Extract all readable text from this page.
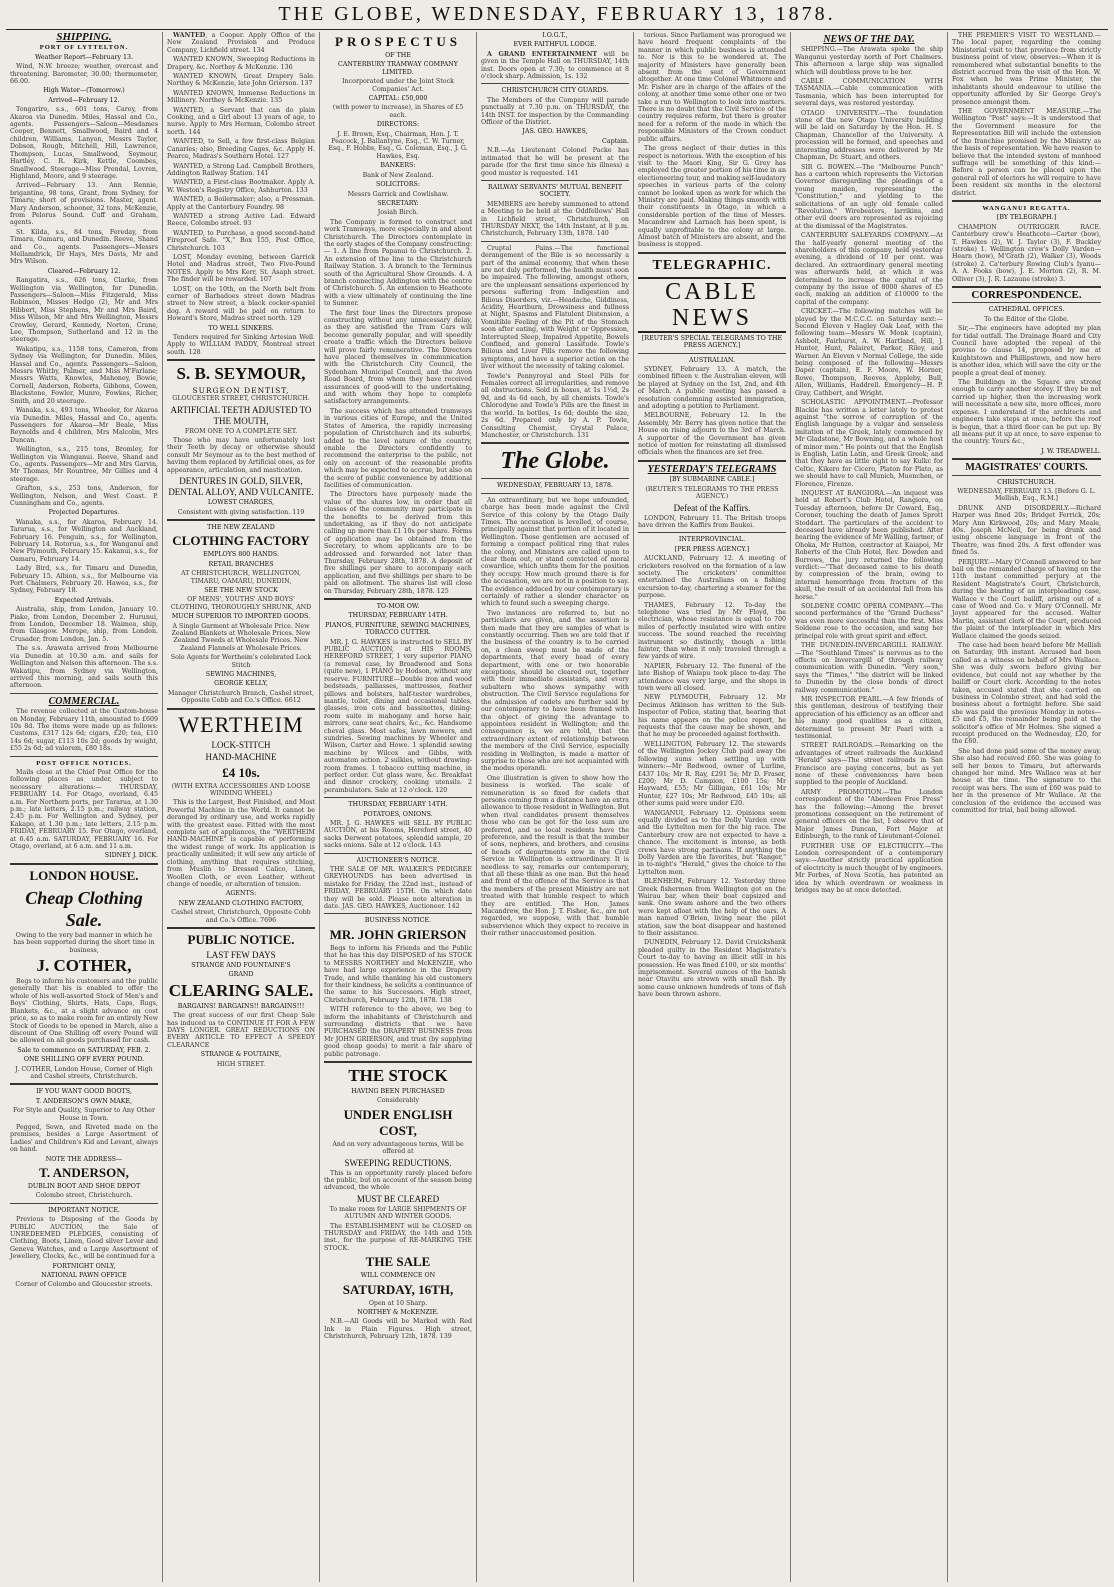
THE GLOBE, WEDNESDAY, FEBRUARY 13, 1878.
SHIPPING.
PORT OF LYTTELTON.

Weather Report—February 13.

Wind, N.W. breeze; weather, overcast and threatening. Barometer, 30.00; thermometer, 66.00.

High Water—(Tomorrow.)

Arrived—February 12.

Tongariro, s.s., 601 tons, Carey, from Akaroa via Dunedin. Miles, Hassal and Co., agents. Passengers—Saloon—Mesdames Cooper, Bennett, Smallwood, Baird and 4 children, Williams, Lanyon, Messrs Taylor, Dobson, Rough, Mitchell, Hill, Lawrence, Thompson, Lucas, Smallwood, Seymour, Hartley, C. R. Kirk, Kettle, Coombes, Smallwood. Steerage—Miss Prendal, Lovren, Highland, Moore, and 9 steerage.

Arrived—February 13. Ann Rennie, brigantine, 98 tons, Grant, from Sydney, for Timaru; short of provisions. Master, agent. Mary Anderson, schooner, 32 tons, McKenzie, from Pelorus Sound. Cuff and Graham, agents.

St. Kilda, s.s., 84 tons, Fereday, from Timaru, Oamaru, and Dunedin. Reeve, Shand and Co., agents. Passengers—Messrs Mellamdrick, Dr Hays, Mrs Davis, Mr and Mrs Wilson.

Cleared—February 12.

Rangatira, s.s., 626 tons, Clarke, from Wellington via Wellington, for Dunedin. Passengers—Saloon—Miss Fitzgerald, Miss Robinson, Misses Hedge (2), Mr and Mrs Hibbert, Miss Stephens, Mr and Mrs Baird, Miss Wilson, Mr and Mrs Wellington, Messrs Crowley, Gerard, Kennedy, Norton, Crane, Lee, Thompson, Sutherland and 12 in the steerage.

Wakatipu, s.s., 1158 tons, Cameron, from Sydney via Wellington, for Dunedin. Miles, Hassal and Co., agents. Passengers—Saloon, Messrs Whitby, Palmer, and Miss M'Farlane; Messrs Watts, Knowles, Mahoney, Bowie, Cornell, Anderson, Roberts, Gibbons, Cowen, Blackstone, Fowler, Munro, Fowkes, Richer, Smith, and 20 steerage.

Wanaka, s.s., 493 tons, Wheeler, for Akaroa via Dunedin. Miles, Hassal and Co., agents. Passengers for Akaroa—Mr Beale, Miss Reynolds and 4 children, Mrs Malcolm, Mrs Duncan.

Wellington, s.s., 215 tons, Bromley, for Wellington via Wanganui. Reeve, Shand and Co., agents. Passengers—Mr and Mrs Garvin, Mr Thomas, Mr Rountree, Mr Gillies and 4 steerage.

Grafton, s.s., 253 tons, Anderson, for Wellington, Nelson, and West Coast. P. Cunningham and Co., agents.

Projected Departures.

Wanaka, s.s., for Akaroa, February 14. Tararua, s.s., for Wellington and Auckland, February 16. Penguin, s.s., for Wellington, February 14. Rotorua, s.s., for Wanganui and New Plymouth, February 15. Kakanui, s.s., for Oamaru, February 14.

Lady Bird, s.s., for Timaru and Dunedin, February 15. Albion, s.s., for Melbourne via Port Chalmers, February 20. Hawea, s.s., for Sydney, February 18.

Expected Arrivals.

Australia, ship, from London, January 10. Piako, from London, December 2. Hurunui, from London, December 18. Waimea, ship, from Glasgow. Merope, ship, from London. Crusader, from London, Jan. 5.

The s.s. Arawata arrived from Melbourne via Dunedin at 10.30 a.m. and sails for Wellington and Nelson this afternoon. The s.s. Wakatipu, from Sydney via Wellington, arrived this morning, and sails south this afternoon.

COMMERCIAL.

The revenue collected at the Custom-house on Monday, February 11th, amounted to £609 10s 8d. The items were made up as follows: Customs, £317 12s 6d; cigars, £20; tea, £10 14s 6d; sugar, £113 10s 2d; goods by weight, £55 2s 6d; ad valorem, £80 18s.

POST OFFICE NOTICES.

Mails close at the Chief Post Office for the following places as under, subject to necessary alterations:— THURSDAY, FEBRUARY 14. For Otago, overland, 6.45 a.m. For Northern ports, per Tararua, at 1.30 p.m.; late letters, 2.15 p.m.; railway station, 2.45 p.m. For Wellington and Sydney, per Kakapo, at 1.30 p.m.; late letters, 2.15 p.m. FRIDAY, FEBRUARY 15. For Otago, overland, at 6.45 a.m. SATURDAY, FEBRUARY 16. For Otago, overland, at 6 a.m. and 11 a.m.

SIDNEY J. DICK.

LONDON HOUSE.
Cheap Clothing Sale.

Owing to the very bad manner in which he has been supported during the short time in business,

J. COTHER,

Begs to inform his customers and the public generally that his is enabled to offer the whole of his well-assorted Stock of Men's and Boys' Clothing, Shirts, Hats, Caps, Rugs, Blankets, &c., at a slight advance on cost price, so as to make room for an entirely New Stock of Goods to be opened in March, also a discount of One Shilling off every Pound will be allowed on all goods purchased for cash.

Sale to commence on SATURDAY, FEB. 2.

ONE SHILLING OFF EVERY POUND.

J. COTHER, London House, Corner of High and Cashel streets, Christchurch.

IF YOU WANT GOOD BOOTS,

T. ANDERSON'S OWN MAKE,

For Style and Quality, Superior to Any Other House in Town.

Pegged, Sewn, and Riveted made on the premises, besides a Large Assortment of Ladies' and Children's Kid and Levant, always on hand.

NOTE THE ADDRESS—

T. ANDERSON,

DUBLIN BOOT AND SHOE DEPOT

Colombo street, Christchurch.

IMPORTANT NOTICE.

Previous to Disposing of the Goods by PUBLIC AUCTION, the Sale of UNREDEEMED PLEDGES, consisting of Clothing, Boots, Linen, Good silver Lever and Geneva Watches, and a Large Assortment of Jewellery, Clocks, &c., will be continued for a

FORTNIGHT ONLY,

NATIONAL PAWN OFFICE

Corner of Colombo and Gloucester streets.

WANTED, a Cooper. Apply Office of the New Zealand Provision and Produce Company, Lichfield street. 134

WANTED KNOWN, Sweeping Reductions in Drapery, &c. Northey & McKenzie. 136

WANTED KNOWN, Great Drapery Sale. Northey & McKenzie, late John Grierson. 137

WANTED KNOWN, Immense Reductions in Millinery. Northey & McKenzie. 135

WANTED, a Servant that can do plain Cooking, and a Girl about 13 years of age, to nurse. Apply to Mrs Herman, Colombo street north. 144

WANTED, to Sell, a few first-class Belgian Canaries; also, Breeding Cages, &c. Apply H. Pearce, Madras's Southern Hotel. 127

WANTED, a Strong Lad. Campbell Brothers, Addington Railway Station. 141

WANTED, a First-class Bootmaker. Apply A. W. Weston's Registry Office, Ashburton. 133

WANTED, a Boilermaker; also, a Pressman. Apply at the Canterbury Foundry. 98

WANTED a strong Active Lad. Edward Reece, Colombo street. 93

WANTED, to Purchase, a good second-hand Fireproof Safe. "X," Box 155, Post Office, Christchurch. 103

LOST, Monday evening, between Garrick Hotel and Madras street, Two Five-Pound NOTES. Apply to Mrs Kerr, St. Asaph street. The finder will be rewarded. 107

LOST, on the 10th, on the North belt from corner of Barbadoes street down Madras street to New street, a black cocker-spaniel dog. A reward will be paid on return to Howard's Store, Madras street north. 129

TO WELL SINKERS.

Tenders required for Sinking Artesian Well. Apply to WILLIAM PADDY, Montreal street south. 128

S. B. SEYMOUR,
SURGEON DENTIST,

GLOUCESTER STREET, CHRISTCHURCH.

ARTIFICIAL TEETH ADJUSTED TO THE MOUTH,

FROM ONE TO A COMPLETE SET.

Those who may have unfortunately lost their Teeth by decay or otherwise should consult Mr Seymour as to the best method of having them replaced by Artificial ones, as for appearance, articulation, and mastication.

DENTURES IN GOLD, SILVER, DENTAL ALLOY, AND VULCANITE.

LOWEST CHARGES,

Consistent with giving satisfaction. 119

THE NEW ZEALAND

CLOTHING FACTORY

EMPLOYS 800 HANDS.

RETAIL BRANCHES

AT CHRISTCHURCH, WELLINGTON, TIMARU, OAMARU, DUNEDIN,

SEE THE NEW STOCK

OF MENS', YOUTHS' AND BOYS' CLOTHING, THOROUGHLY SHRUNK, AND

MUCH SUPERIOR TO IMPORTED GOODS.

A Single Garment at Wholesale Price. New Zealand Blankets at Wholesale Prices. New Zealand Tweeds at Wholesale Prices. New Zealand Flannels at Wholesale Prices.

Sole Agents for Wertheim's celebrated Lock Stitch

SEWING MACHINES,

GEORGE KELLY,

Manager Christchurch Branch, Cashel street, Opposite Cobb and Co.'s Office. 6612

WERTHEIM
LOCK-STITCH
HAND-MACHINE
£4 10s.

(WITH EXTRA ACCESSORIES AND LOOSE WINDING WHEEL)

This is the Largest, Best Finished, and Most Powerful Machine in the World. It cannot be deranged by ordinary use, and works rapidly with the greatest ease. Fitted with the most complete set of appliances, the "WERTHEIM HAND-MACHINE" is capable of performing the widest range of work. Its application is practically unlimited; it will sew any article of clothing, anything that requires stitching, from Muslin to Dressed Calico, Linen, Woollen Cloth, or even Leather, without change of needle, or alteration of tension.

AGENTS:

NEW ZEALAND CLOTHING FACTORY,

Cashel street, Christchurch, Opposite Cobb and Co.'s Office. 7696

PUBLIC NOTICE.
LAST FEW DAYS

STRANGE AND FOUNTAINE'S

GRAND

CLEARING SALE.

BARGAINS! BARGAINS!! BARGAINS!!!

The great success of our first Cheap Sale has induced us to CONTINUE IT FOR A FEW DAYS LONGER. GREAT REDUCTIONS ON EVERY ARTICLE TO EFFECT A SPEEDY CLEARANCE

STRANGE & FOUTAINE,

HIGH STREET.

PROSPECTUS

OF THE

CANTERBURY TRAMWAY COMPANY LIMITED.

Incorporated under the Joint Stock Companies' Act.

CAPITAL: £50,000

(with power to increase), in Shares of £5 each.

DIRECTORS:

J. E. Brown, Esq., Chairman, Hon. J. T. Peacock, J. Ballantyne, Esq., C. W. Turner, Esq., F. Hobbs, Esq., G. Coleman, Esq., J. G. Hawkes, Esq.

BANKERS:

Bank of New Zealand.

SOLICITORS:

Messrs Garrick and Cowlishaw.

SECRETARY:

Josiah Birch.

The Company is formed to construct and work Tramways, more especially in and about Christchurch. The Directors contemplate in the early stages of the Company constructing:— 1. A line from Papanui to Christchurch. 2. An extension of the line to the Christchurch Railway Station. 3. A branch to the Terminus south of the Agricultural Show Grounds. 4. A branch connecting Addington with the centre of Christchurch. 5. An extension to Heathcote with a view ultimately of continuing the line to Sumner.

The first four lines the Directors propose constructing without any unnecessary delay, as they are satisfied the Tram Cars will become generally popular, and will speedily create a traffic which the Directors believe will prove fairly remunerative. The Directors have placed themselves in communication with the Christchurch City Council, the Sydenham Municipal Council, and the Avon Road Board, from whom they have received assurances of good-will to the undertaking, and with whom they hope to complete satisfactory arrangements.

The success which has attended tramways in various cities of Europe, and the United States of America, the rapidly increasing population of Christchurch and its suburbs, added to the level nature of the country, enable the Directors confidently to recommend the enterprise to the public, not only on account of the reasonable profits which may be expected to accrue, but also on the score of public convenience by additional facilities of communication.

The Directors have purposely made the value of the shares low, in order that all classes of the community may participate in the benefits to be derived from this undertaking, as if they do not anticipate calling up more than £1 10s per share. Forms of application may be obtained from the Secretary, to whom applicants are to be addressed and forwarded not later than Thursday, February 28th, 1878. A deposit of five shillings per share to accompany each application, and five shillings per share to be paid on allotment. The shares list will close on Thursday, February 28th, 1878. 125

TO-MOR OW.

THURSDAY, FEBRUARY 14TH.

PIANOS, FURNITURE, SEWING MACHINES, TOBACCO CUTTER.

MR. J. G. HAWKES is instructed to SELL BY PUBLIC AUCTION, at HIS ROOMS, HEREFORD STREET, 1 very superior PIANO (a removal case, by Broadwood and Sons (quite new), 1 PIANO by Hodson, without any reserve. FURNITURE—Double iron and wood bedsteads, palliasses, mattresses, feather pillows and bolsters, half-tester wardrobes, mantle, toilet, dining and occasional tables, glasses, iron cots and bassinettes, dining-room suite in mahogany and horse hair, mirrors, cane seat chairs, &c., &c. Handsome cheval glass. Most safes, lawn mowers, and sundries. Sewing machines by Wheeler and Wilson, Carter and Howe. 1 splendid sewing machine by Wilcox and Gibbs, with automaton action. 2 sulkies, without drawing-room frames. 1 tobacco cutting machine, in perfect order. Cut glass ware, &c. Breakfast and dinner crockery, cooking utensils. 2 perambulators. Sale at 12 o'clock. 120

THURSDAY, FEBRUARY 14TH.

POTATOES, ONIONS.

MR. J. G. HAWKES will SELL BY PUBLIC AUCTION, at his Rooms, Hereford street, 40 sacks Derwent potatoes, splendid sample, 20 sacks onions. Sale at 12 o'clock. 143

AUCTIONEER'S NOTICE.

THE SALE OF MR. WALKER'S PEDIGREE GREYHOUNDS has been advertised in mistake for Friday, the 22nd inst., instead of FRIDAY, FEBRUARY 15TH. On which date they will be sold. Please note alteration in date. JAS. GEO. HAWKES, Auctioneer. 142

BUSINESS NOTICE.

MR. JOHN GRIERSON

Begs to inform his Friends and the Public that he has this day DISPOSED of his STOCK to MESSRS NORTHEY and McKENZIE, who have had large experience in the Drapery Trade, and while thanking his old customers for their kindness, he solicits a continuance of the same to his Successors. High street, Christchurch, February 12th, 1878. 138

WITH reference to the above, we beg to inform the inhabitants of Christchurch and surrounding districts that we have PURCHASED the DRAPERY BUSINESS from Mr JOHN GRIERSON, and trust (by supplying good cheap goods) to merit a fair share of public patronage.

THE STOCK

HAVING BEEN PURCHASED

Considerably

UNDER ENGLISH COST,

And on very advantageous terms, Will be offered at

SWEEPING REDUCTIONS.

This is an opportunity rarely placed before the public, but on account of the season being advanced, the whole

MUST BE CLEARED

To make room for LARGE SHIPMENTS OF AUTUMN AND WINTER GOODS.

The ESTABLISHMENT will be CLOSED on THURSDAY and FRIDAY, the 14th and 15th inst., for the purpose of RE-MARKING THE STOCK.

THE SALE

WILL COMMENCE ON

SATURDAY, 16TH,

Open at 10 Sharp.

NORTHEY & McKENZIE.

N.B.—All Goods will be Marked with Red Ink in Plain Figures. High street, Christchurch, February 12th, 1878. 139

I.O.G.T.,

EVER FAITHFUL LODGE.

A GRAND ENTERTAINMENT will be given in the Temple Hall on THURSDAY, 14th inst. Doors open at 7.30; to commence at 8 o'clock sharp. Admission, 1s. 132

CHRISTCHURCH CITY GUARDS.

The Members of the Company will parade punctually at 7.30 p.m. on THURSDAY, the 14th INST. for inspection by the Commanding Officer of the District.

JAS. GEO. HAWKES,

Captain.

N.B.—As Lieutenant Colonel Packe has intimated that he will be present at the parade (for the first time since his illness) a good muster is requested. 141

RAILWAY SERVANTS' MUTUAL BENEFIT SOCIETY.

MEMBERS are hereby summoned to attend a Meeting to be held at the Oddfellows' Hall in Lichfield street, Christchurch, on THURSDAY NEXT, the 14th Instant, at 8 p.m. Christchurch, February 13th, 1878. 140

Cruptal Pains.—The functional derangement of the Bile is so necessarily a part of the animal economy, that when these are not duly performed, the health must soon be impaired. The following, amongst others, are the unpleasant sensations experienced by persons suffering from Indigestion and Bilious Disorders, viz.—Headache, Giddiness, Acidity, Heartburn, Drowsiness and fullness at Night, Spasms and Flatulent Distension, a Vomitible Feeling of the Pit of the Stomach soon after eating, with Weight or Oppression, Interrupted Sleep, Impaired Appetite, Bowels Confined, and general Lassitude. Towle's Bilious and Liver Pills remove the following symptoms, and have a superior action on the liver without the necessity of taking calomel.

Towle's Pennyroyal and Steel Pills for Females correct all irregularities, and remove all obstructions. Sold in boxes, at 1s 1½d, 2s 9d, and 4s 6d each, by all chemists. Towle's Chlorodyne and Towle's Pills are the finest in the world. In bottles, 1s 6d; double the size, 2s 6d. Prepared only by A. P. Towle, Consulting Chemist, Crystal Palace, Manchester, or Christchurch. 131

The Globe.

WEDNESDAY, FEBRUARY 13, 1878.

An extraordinary, but we hope unfounded, charge has been made against the Civil Service of this colony by the Otago Daily Times. The accusation is levelled, of course, principally against that portion of it located in Wellington. Those gentlemen are accused of forming a compact political ring that rules the colony, and Ministers are called upon to clear them out, or stand convicted of moral cowardice, which unfits them for the position they occupy. How much ground there is for the accusation, we are not in a position to say. The evidence adduced by our contemporary is certainly of rather a slender character on which to found such a sweeping charge.

Two instances are referred to, but no particulars are given, and the assertion is then made that they are samples of what is constantly occurring. Then we are told that if the business of the country is to be carried on, a clean sweep must be made of the departments, that every head of every department, with one or two honorable exceptions, should be cleared out, together with their immediate assistants, and every subaltern who shows sympathy with obstruction. The Civil Service regulations for the admission of cadets are further said by our contemporary to have been framed with the object of giving the advantage to appointees resident in Wellington; and the consequence is, we are told, that the extraordinary extent of relationship between the members of the Civil Service, especially residing in Wellington, is made a matter of surprise to those who are not acquainted with the modus operandi.

One illustration is given to show how the business is worked. The scale of remuneration is so fixed for cadets that persons coming from a distance have an extra allowance to those resident in Wellington. But when rival candidates present themselves those who can be got for the less sum are preferred, and so local residents have the preference, and the result is that the number of sons, nephews, and brothers, and cousins of heads of departments now in the Civil Service in Wellington is extraordinary. It is needless to say, remarks our contemporary, that all these think as one man. But the head and front of the offence of the Service is that the members of the present Ministry are not treated with that humble respect to which they are entitled. The Hon. James Macandrew, the Hon. J. T. Fisher, &c., are not regarded, we suppose, with that humble subservience which they expect to receive in their rather unaccustomed position.

torious. Since Parliament was prorogued we have heard frequent complaints of the manner in which public business is attended to. Nor is this to be wondered at. The majority of Ministers have generally been absent from the seat of Government altogether. At one time Colonel Whitmore and Mr. Fisher are in charge of the affairs of the colony, at another time some other one or two take a run to Wellington to look into matters. There is no doubt that the Civil Service of the country requires reform, but there is greater need for a reform of the mode in which the responsible Ministers of the Crown conduct public affairs.

The gross neglect of their duties in this respect is notorious. With the exception of his visit to the Maori King, Sir G. Grey has employed the greater portion of his time in an electioneering tour, and making self-laudatory speeches in various parts of the colony cannot be looked upon as work for which the Ministry are paid. Making things smooth with their constituents in Otago, in which a considerable portion of the time of Messrs. Macandrew and Larnach has been spent, is equally unprofitable to the colony at large. Almost batch of Ministers are absent, and the business is stopped.

TELEGRAPHIC.
CABLE NEWS

[REUTER'S SPECIAL TELEGRAMS TO THE PRESS AGENCY.]

AUSTRALIAN.

SYDNEY, February 13. A match, the combined fifteen v. the Australian eleven, will be played at Sydney on the 1st, 2nd, and 4th of March. A public meeting has passed a resolution condemning assisted immigration, and adopting a petition to Parliament.

MELBOURNE, February 12. In the Assembly, Mr. Berry has given notice that the House on rising adjourn to the 3rd of March. A supporter of the Government has given notice of motion for reinstating all dismissed officials when the finances are set free.

YESTERDAY'S TELEGRAMS

[BY SUBMARINE CABLE.]

(REUTER'S TELEGRAMS TO THE PRESS AGENCY.)

Defeat of the Kaffirs.

LONDON, February 11. The British troops have driven the Kaffirs from Baukei.

INTERPROVINCIAL.

[PER PRESS AGENCY.]

AUCKLAND, February 12. A meeting of cricketers resolved on the formation of a law society. The cricketers' committee entertained the Australians on a fishing excursion to-day, chartering a steamer for the purpose.

THAMES, February 12. To-day the telephone was tried by Mr Floyd, the electrician, whose resistance is equal to 700 miles of perfectly insulated wire with entire success. The sound reached the receiving instrument so distinctly, though a little fainter, than when it only traveled through a few yards of wire.

NAPIER, February 12. The funeral of the late Bishop of Waiapu took place to-day. The attendance was very large, and the shops in town were all closed.

NEW PLYMOUTH, February 12. Mr Decimus Atkinson has written to the Sub-Inspector of Police, stating that, hearing that his name appears on the police report, he requests that the cause may be shown, and that he may be proceeded against forthwith.

WELLINGTON, February 12. The stewards of the Wellington Jockey Club paid away the following sums when settling up with winners:—Mr Redwood, owner of Lurline, £437 10s; Mr R. Ray, £291 5s; Mr D. Fraser, £200; Mr D. Campion, £100 15s; Mr Hayward, £55; Mr Gilligan, £61 10s; Mr Hunter, £27 10s; Mr Redwood, £45 10s; all other sums paid were under £20.

WANGANUI, February 12. Opinions seem equally divided as to the Dolly Varden crew and the Lyttelton men for the big race. The Canterbury crew are not expected to have a chance. The excitement is intense, as both crews have strong partisans. If anything the Dolly Varden are the favorites, but "Ranger," in to-night's "Herald," gives the choice to the Lyttelton men.

BLENHEIM, February 12. Yesterday three Greek fishermen from Wellington got on the Wairau bar, when their boat capsized and sank. One swam ashore and the two others were kept afloat with the help of the oars. A man named O'Brien, living near the pilot station, saw the boat disappear and hastened to their assistance.

DUNEDIN, February 12. David Cruickshank pleaded guilty in the Resident Magistrate's Court to-day to having an illicit still in his possession. He was fined £100, or six months' imprisonment. Several ounces of the banish near Otavitu are strewn with small fish. By some cause unknown hundreds of tons of fish have been thrown ashore.

NEWS OF THE DAY.

SHIPPING.—The Arawata spoke the ship Wanganui yesterday north of Port Chalmers. This afternoon a large ship was signalled which will doubtless prove to be her.

CABLE COMMUNICATION WITH TASMANIA.—Cable communication with Tasmania, which has been interrupted for several days, was restored yesterday.

OTAGO UNIVERSITY.—The foundation stone of the new Otago University building will be laid on Saturday by the Hon. H. S. Chapman, Chancellor of the University. A procession will be formed, and speeches and interesting addresses were delivered by Mr Chapman, Dr. Stuart, and others.

SIR G. BOWEN.—The "Melbourne Punch" has a cartoon which represents the Victorian Governor disregarding the pleadings of a young maiden, representing the "Constitution," and yielding to the solicitations of an ugly old female called "Revolution." Wirebeaters, larrikins, and other evil doers are represented as rejoicing at the dismissal of the Magistrates.

CANTERBURY SALEYARDS COMPANY.—At the half-yearly general meeting of the shareholders of this company, held yesterday evening, a dividend of 10 per cent. was declared. An extraordinary general meeting was afterwards held, at which it was determined to increase the capital of the company by the issue of 8000 shares of £5 each, making an addition of £10000 to the capital of the company.

CRICKET.—The following matches will be played by the M.C.C.C. on Saturday next:—Second Eleven v Hagley Oak Leaf, with the following team—Messrs W. Monk (captain), Ashbolt, Fairhurst, A. W. Hartland, Hill, J. Hunter, Hunt, Palairet, Parker, Riley, and Warner. An Eleven v Normal College, the side being composed of the following—Messrs Daper (captain), E. F. Moore, W. Horner, Rowe, Thompson, Reeves, Appleby, Bull, Allen, Williams, Haddrell. Emergency—H. P. Gray, Cathbert, and Wright.

SCHOLASTIC APPOINTMENT.—Professor Blackie has written a letter lately to protest against "the sorrow of corruption of the English language by a vulgar and senseless imitation of the Greek, lately commenced by Mr Gladstone, Mr Bowning, and a whole host of minor men." He points out that the English is English, Latin Latin, and Greek Greek; and that they have as little right to say Kulkc for Celtic, Kikero for Cicero, Platon for Plato, as we should have to call Munich, Muenchen, or Florence, Firenze.

INQUEST AT RANGIORA.—An inquest was held at Robert's Club Hotel, Rangiora, on Tuesday afternoon, before Dr Coward, Esq., Coroner, touching the death of James Sprott Stoddart. The particulars of the accident to deceased have already been published. After hearing the evidence of Mr Walling, farmer, of Ohoka, Mr Hutton, contractor at Kaiapoi, Mr Roberts of the Club Hotel, Rev. Dowden and Burrows, the jury returned the following verdict:—"That deceased came to his death by compression of the brain, owing to internal hemorrhage from fracture of the skull, the result of an accidental fall from his horse."

SOLDENE COMIC OPERA COMPANY.—The second performance of the "Grand Duchess" was even more successful than the first. Miss Soldene rose to the occasion, and sang her principal role with great spirit and effect.

THE DUNEDIN-INVERCARGILL RAILWAY.—The "Southland Times" is nervous as to the effects on Invercargill of through railway communication with Dunedin. "Very soon," says the "Times," "the district will be linked to Dunedin by the close bonds of direct railway communication."

MR INSPECTOR PEARL.—A few friends of this gentleman, desirous of testifying their appreciation of his efficiency as an officer and his many good qualities as a citizen, determined to present Mr Pearl with a testimonial.

STREET RAILROADS.—Remarking on the advantages of street railroads the Auckland "Herald" says—The street railroads in San Francisco are paying concerns, but as yet none of these conveniences have been supplied to the people of Auckland.

ARMY PROMOTION.—The London correspondent of the "Aberdeen Free Press" has the following:—Among the brevet promotions consequent on the retirement of general officers on the list, I observe that of Major James Duncan, Fort Major at Edinburgh, to the rank of Lieutenant-Colonel.

FURTHER USE OF ELECTRICITY.—The London correspondent of a contemporary says:—Another strictly practical application of electricity is much thought of by engineers. Mr Forbes, of Nova Scotia, has patented an idea by which overdrawn or weakness in bridges may be at once detected.

THE PREMIER'S VISIT TO WESTLAND.—The local paper, regarding the coming Ministerial visit to that province from strictly business point of view, observes:—When it is remembered what substantial benefits to the district accrued from the visit of the Hon. W. Fox when he was Prime Minister, the inhabitants should endeavour to utilise the opportunity afforded by Sir George Grey's presence amongst them.

THE GOVERNMENT MEASURE.—The Wellington "Post" says:—It is understood that the Government measure for the Representation Bill will include the extension of the franchise promised by the Ministry as the basis of representation. We have reason to believe that the intended system of manhood suffrage will be something of this kind:—Before a person can be placed upon the general roll of electors he will require to have been resident six months in the electoral district.

WANGANUI REGATTA.

[BY TELEGRAPH.]

CHAMPION OUTRIGGER RACE. Canterbury crew's Heathcote—Carter (bow), T. Hawkes (2), W. J. Taylor (3), F. Buckley (stroke) 1. Wellington crew's Dolly Varden—Hearn (bow), M'Grath (2), Walker (3), Woods (stroke) 2. Ca'terbury Rowing Club's Iyanu—A. A. Fooks (bow), J. E. Morton (2), R. M. Olliver (3), J. R. Lazaune (stroke) 3.

CORRESPONDENCE.

CATHEDRAL OFFICES.

To the Editor of the Globe.

Sir,—The engineers have adopted my plan for tidal outfall. The Drainage Board and City Council have adopted the repeal of the proviso to clause 14, proposed by me at Knightstown and Phillipstown, and now here is another idea, which will save the city or the people a great deal of money.

The Buildings in the Square are strong enough to carry another storey. If they be not carried up higher, then the increasing work will necessitate a new site, more offices, more expense. I understand if the architects and engineers take steps at once, before the roof is begun, that a third floor can be put up. By all means put it up at once, to save expense to the country. Yours &c.,

J. W. TREADWELL.

MAGISTRATES' COURTS.

CHRISTCHURCH.

WEDNESDAY, FEBRUARY 13. [Before G. L. Mellish, Esq., R.M.]

DRUNK AND DISORDERLY.—Richard Harper was fined 20s; Bridget Ferrick, 20s; Mary Ann Kirkwood, 20s; and Mary Meale, 40s. Joseph McNeil, for being drunk and using obscene language in front of the Theatre, was fined 20s. A first offender was fined 5s.

PERJURY.—Mary O'Connell answered to her bail on the remanded charge of having on the 11th instant committed perjury at the Resident Magistrate's Court, Christchurch, during the hearing of an interpleading case, Wallace v the Court bailiff, arising out of a case of Wood and Co. v Mary O'Connell. Mr Joynt appeared for the accused. Walter Martin, assistant clerk of the Court, produced the plaint of the interpleader in which Mrs Wallace claimed the goods seized.

The case had been heard before Mr Mellish on Saturday, 9th instant. Accused had been called as a witness on behalf of Mrs Wallace. She was duly sworn before giving her evidence, but could not say whether by the bailiff or Court clerk. According to the notes taken, accused stated that she carried on business in Colombo street, and had sold the business about a fortnight before. She said she was paid the previous Monday in notes—£5 and £5, the remainder being paid at the solicitor's office of Mr Holmes. She signed a receipt produced on the Wednesday, £20, for the £60.

She had done paid some of the money away. She also had received £60. She was going to sell her boxes to Timaru, but afterwards changed her mind. Mrs Wallace was at her house at the time. The signature to the receipt was hers. The sum of £60 was paid to her in the presence of Mr Wallace. At the conclusion of the evidence the accused was committed for trial, bail being allowed.
